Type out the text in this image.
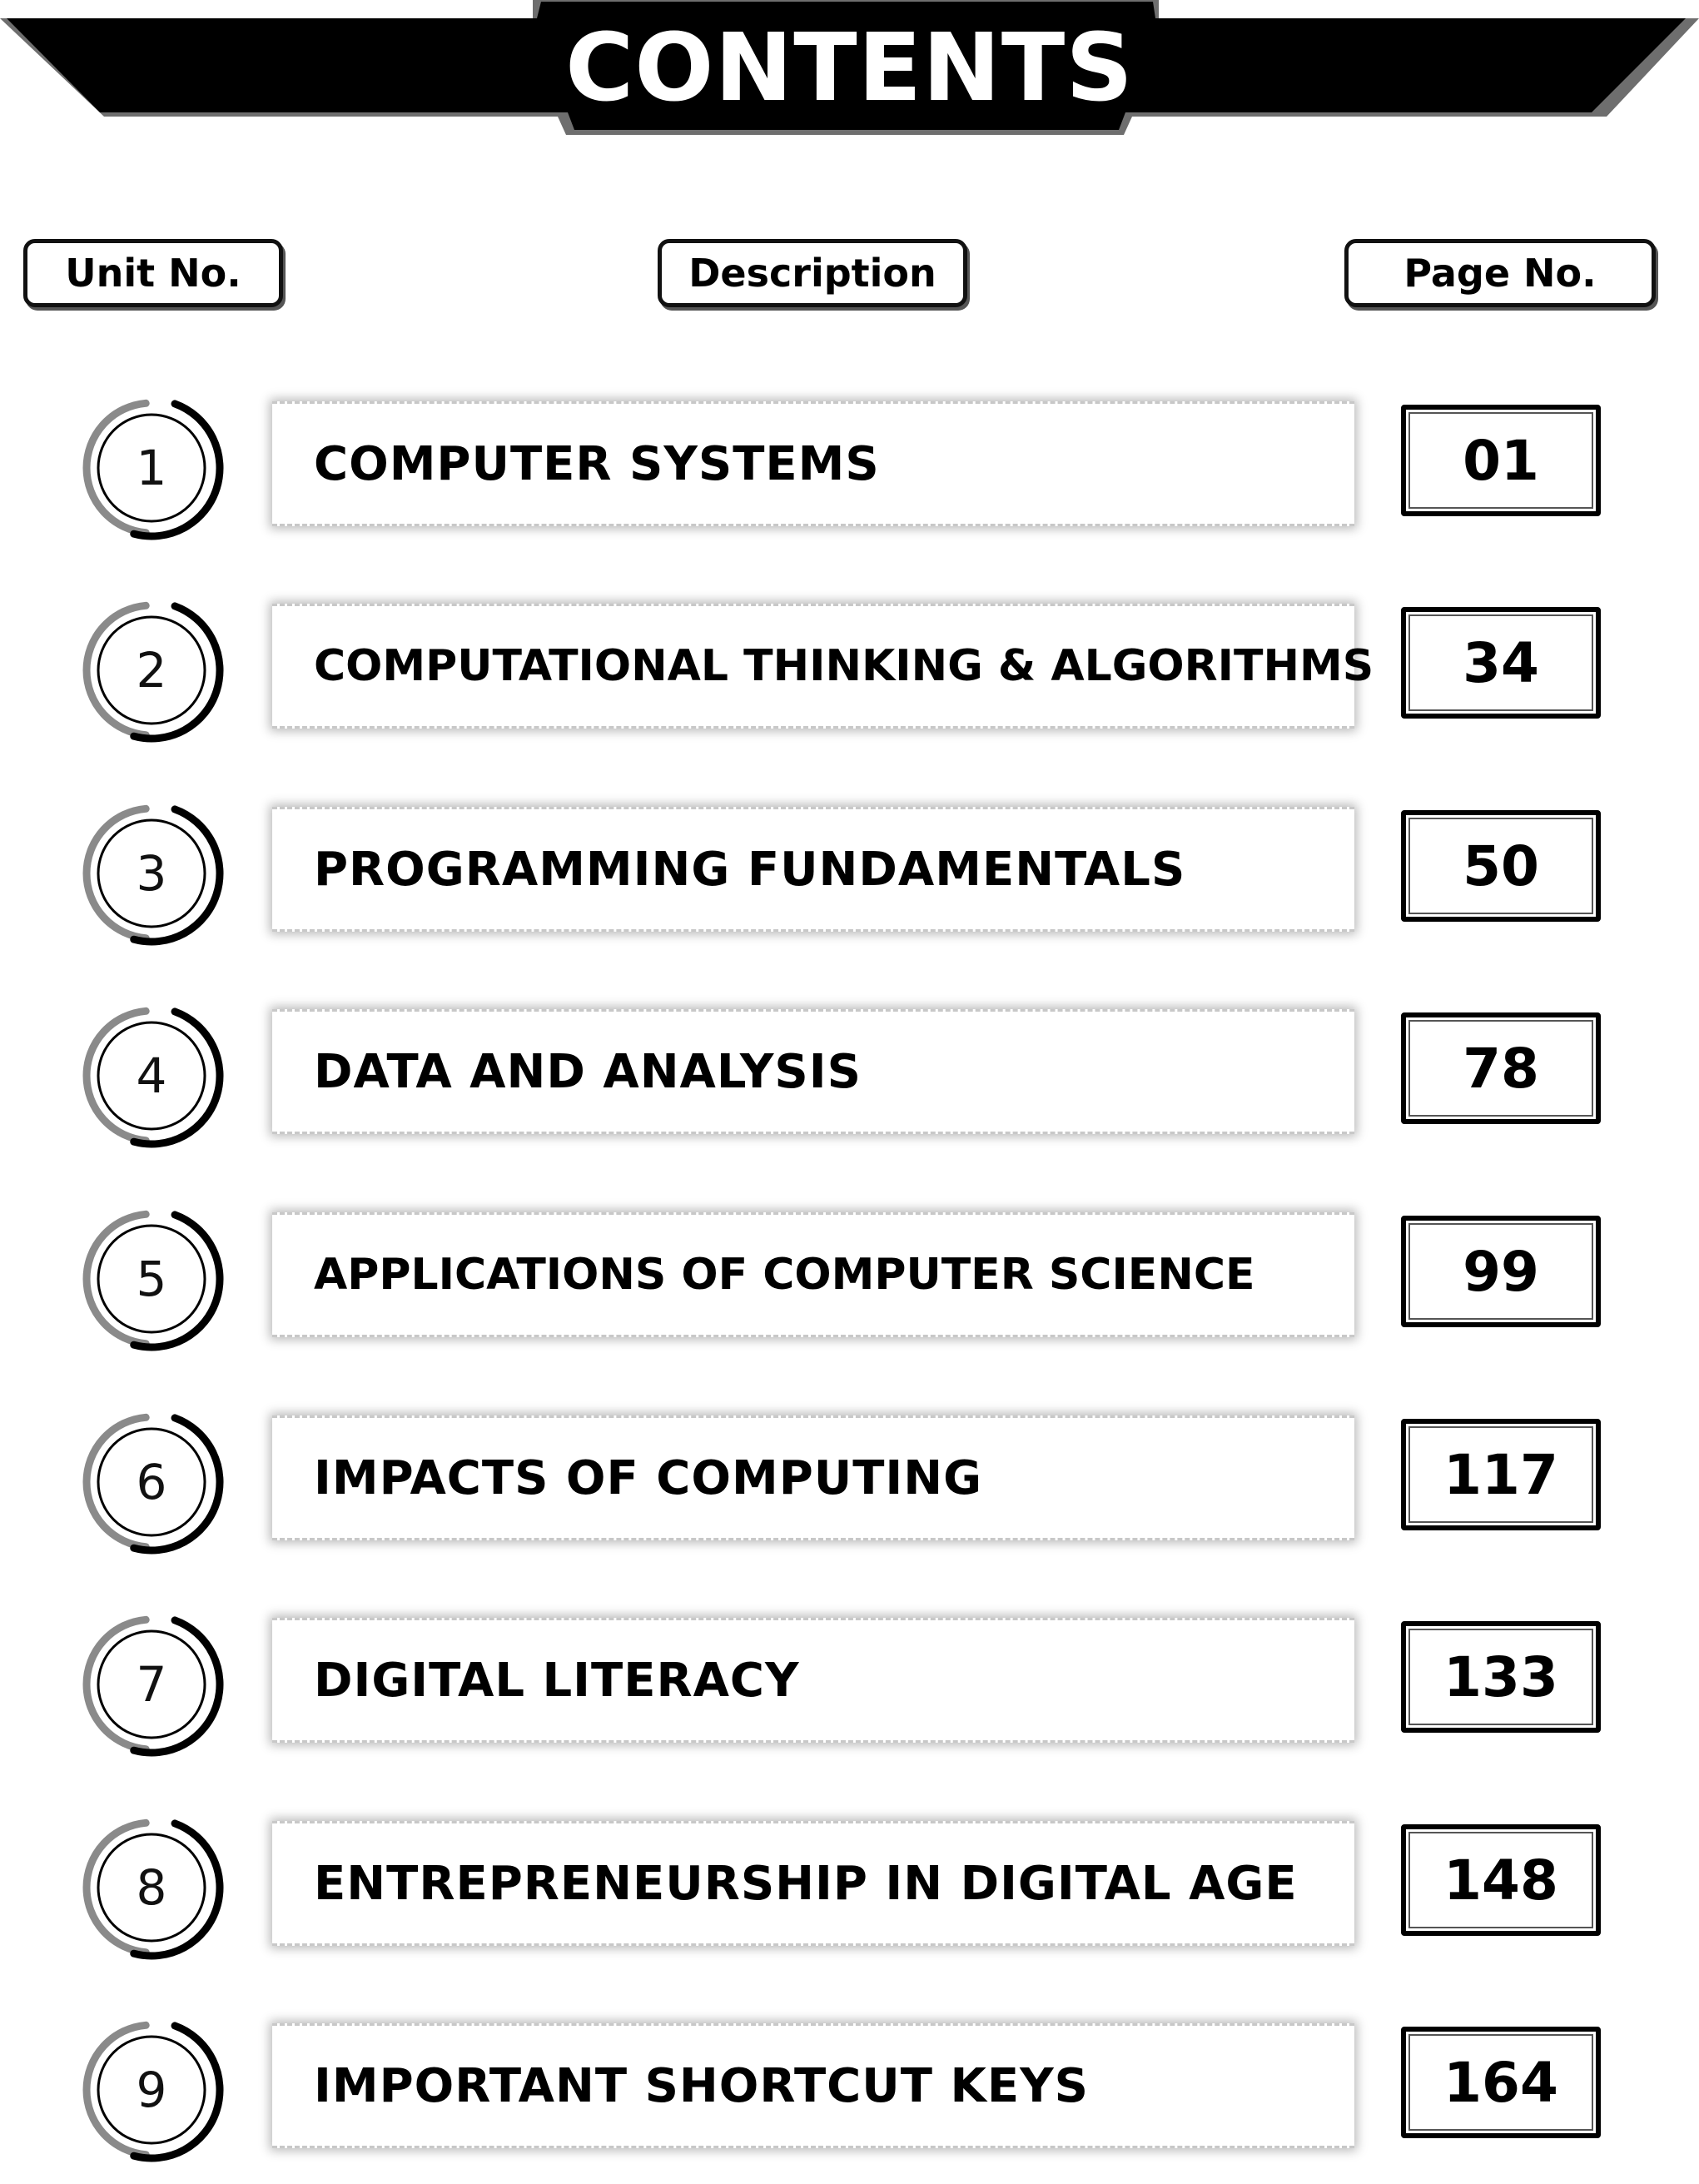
CONTENTS
Unit No.	Description	Page No.
1	COMPUTER SYSTEMS	01
2	COMPUTATIONAL THINKING & ALGORITHMS 34
3	PROGRAMMING FUNDAMENTALS	50
4	DATA AND ANALYSIS	78
5	APPLICATIONS OF COMPUTER SCIENCE	99
6	IMPACTS OF COMPUTING	117
7	DIGITAL LITERACY	133
8	ENTREPRENEURSHIP IN DIGITAL AGE	148
9	IMPORTANT SHORTCUT KEYS	164
